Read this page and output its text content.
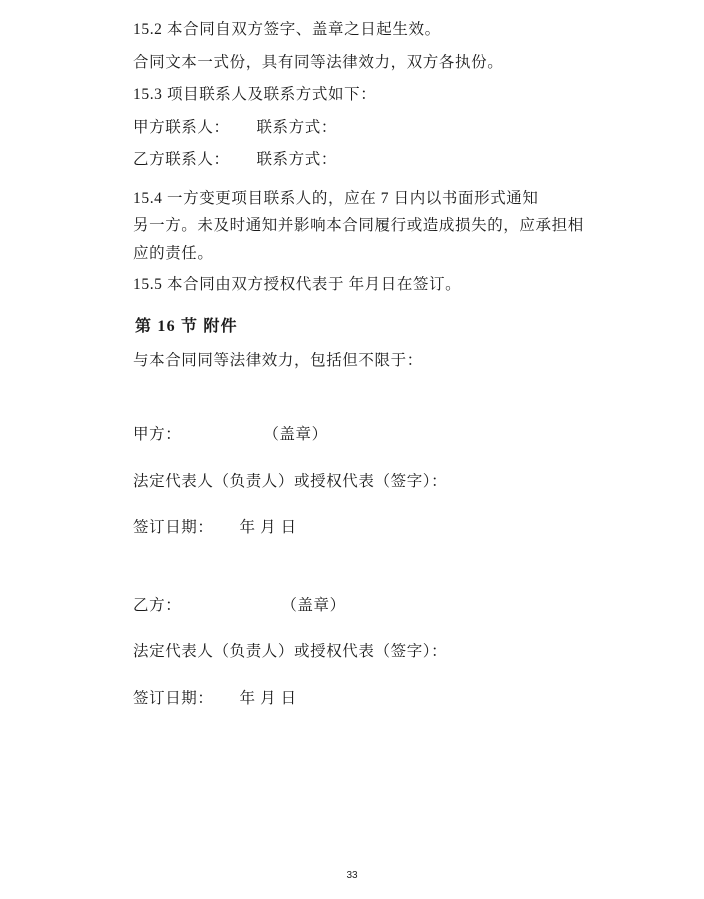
15.2 本合同自双方签字、盖章之日起生效。

合同文本一式份，具有同等法律效力，双方各执份。

15.3 项目联系人及联系方式如下：

甲方联系人：      联系方式：

乙方联系人：      联系方式：

15.4 一方变更项目联系人的，应在 7 日内以书面形式通知
另一方。未及时通知并影响本合同履行或造成损失的，应承担相
应的责任。

15.5 本合同由双方授权代表于 年月日在签订。

第 16 节 附件

与本合同同等法律效力，包括但不限于：

甲方：	（盖章）

法定代表人（负责人）或授权代表（签字）：

签订日期： 年 月 日

乙方：	（盖章）

法定代表人（负责人）或授权代表（签字）：

签订日期： 年 月 日

33
